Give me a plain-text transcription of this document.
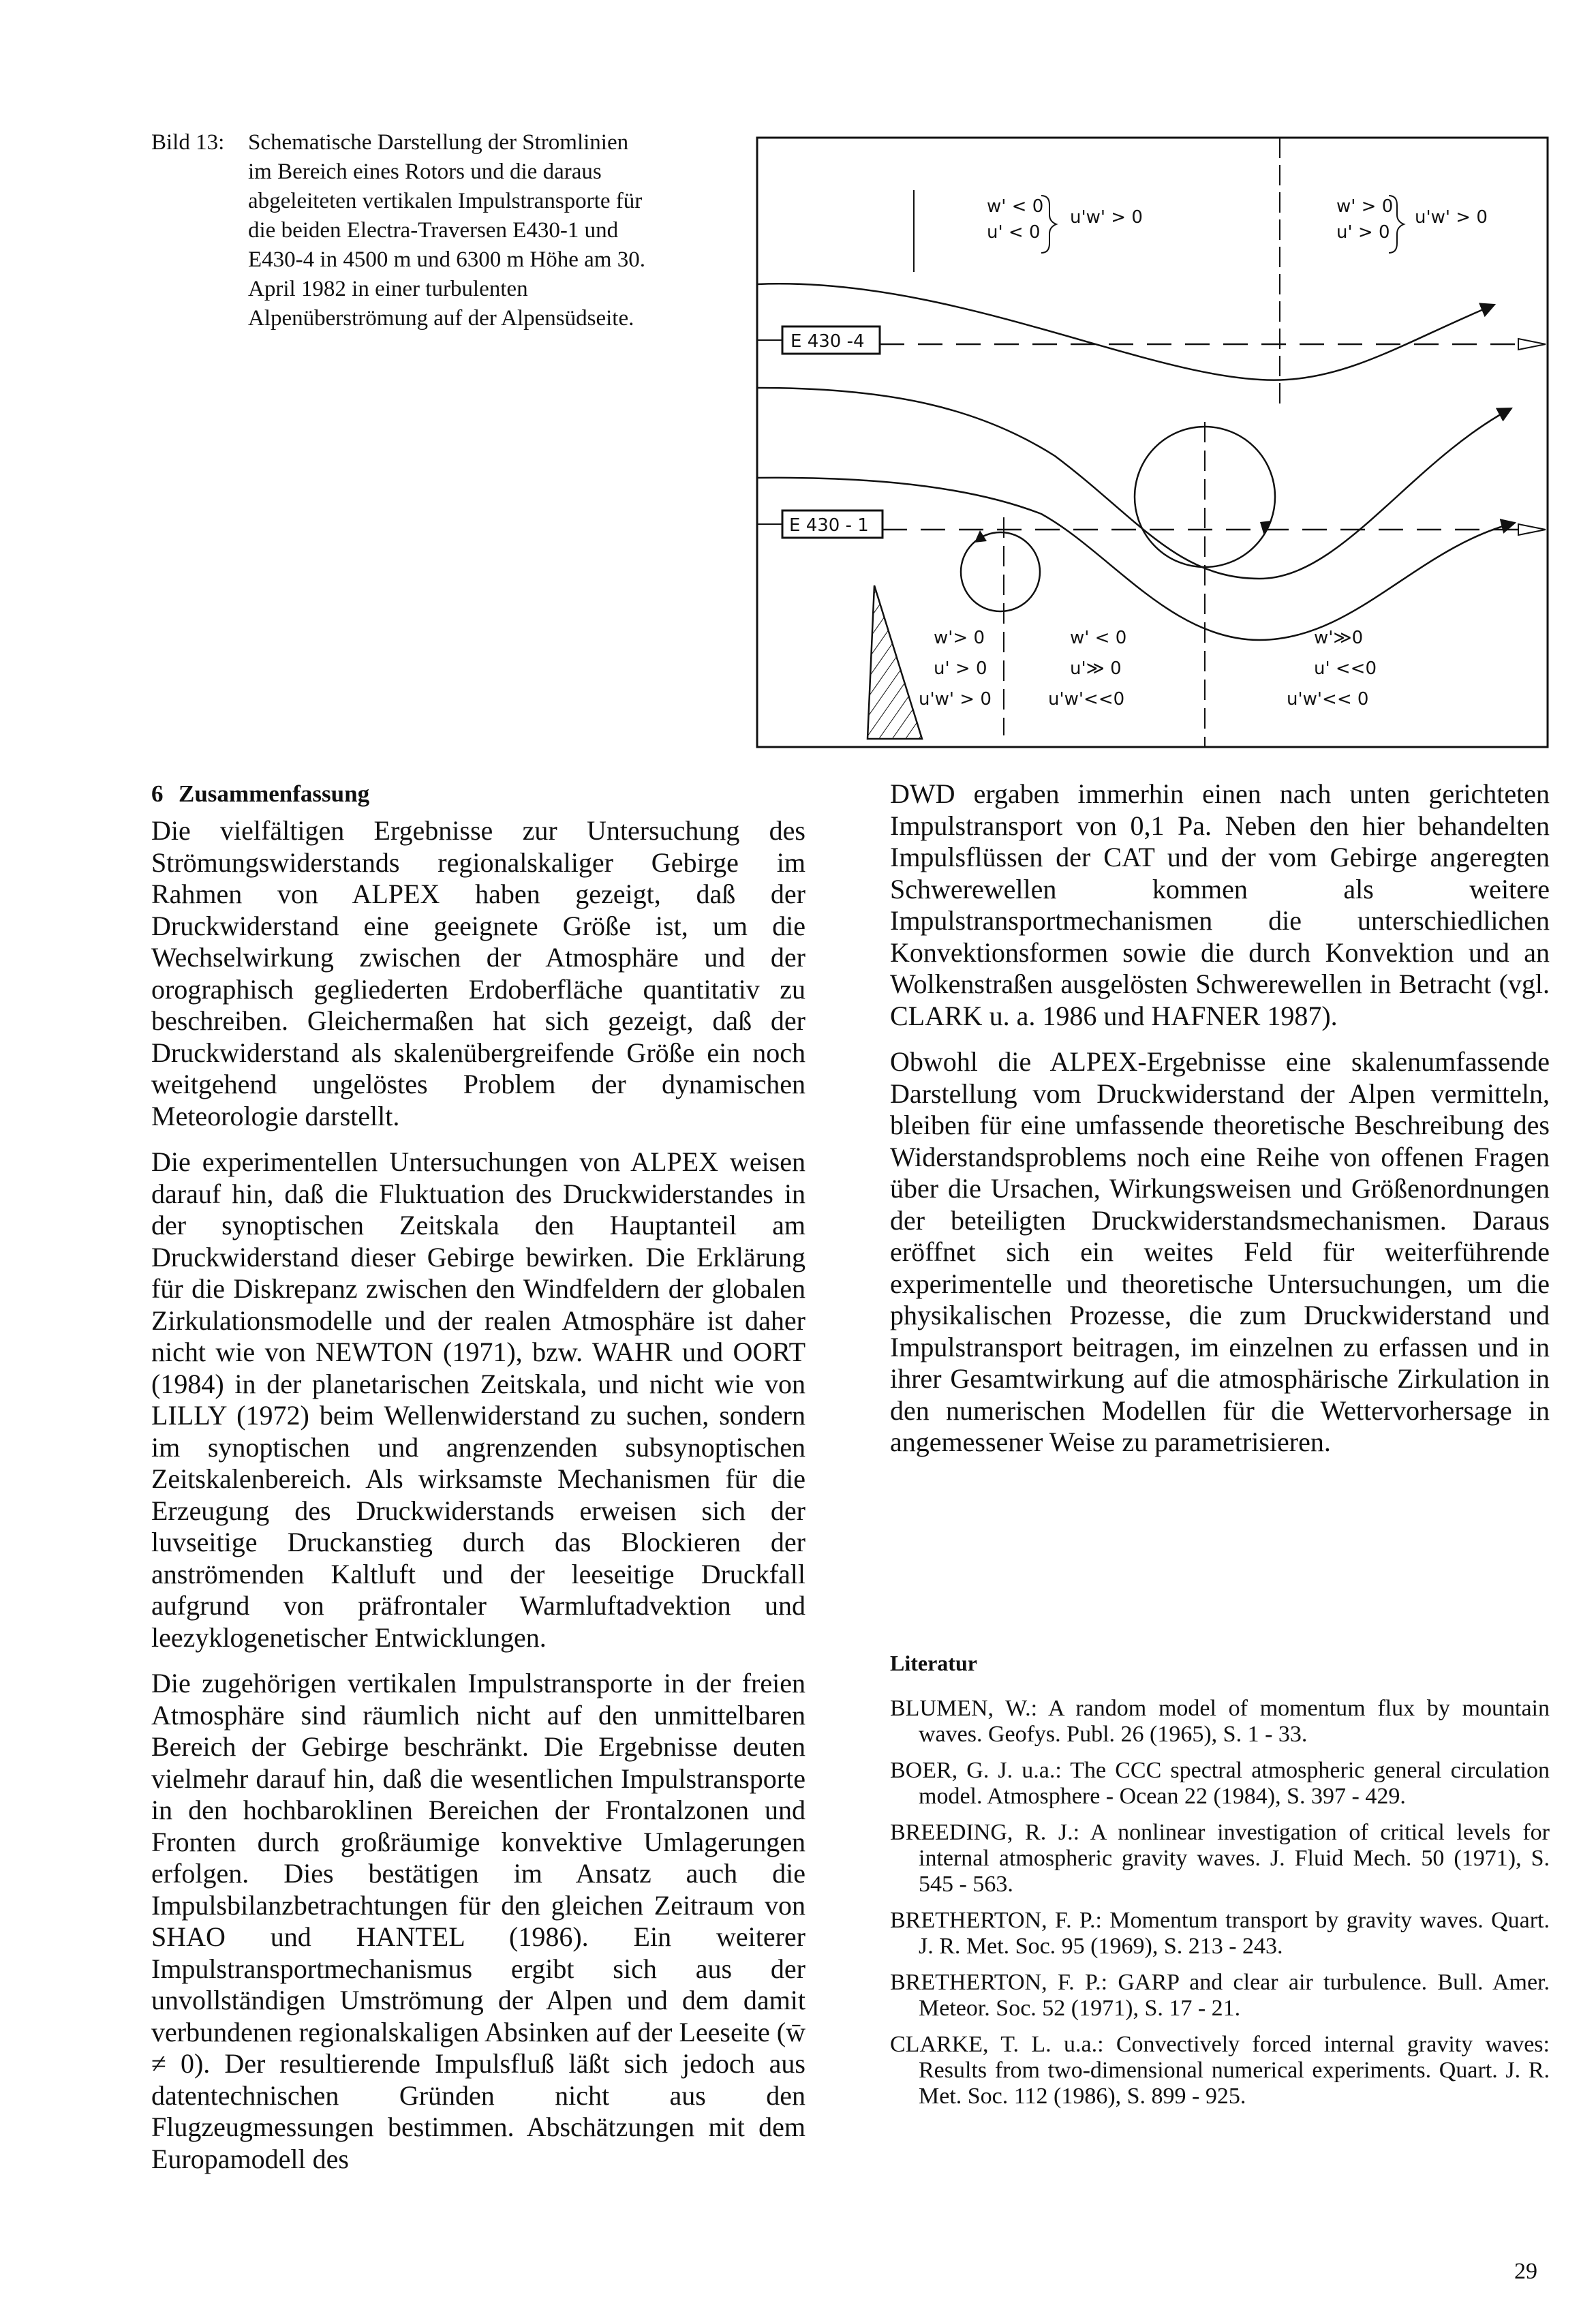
Bild 13: Schematische Darstellung der Stromlinien im Bereich eines Rotors und die daraus abgeleiteten vertikalen Impulstransporte für die beiden Electra-Traversen E430-1 und E430-4 in 4500 m und 6300 m Höhe am 30. April 1982 in einer turbulenten Alpenüberströmung auf der Alpensüdseite.
w' < 0
u' < 0
u'w' > 0
w' > 0
u' > 0
u'w' > 0
E 430 -4
E 430 - 1
w'> 0
u' > 0
u'w' > 0
w' < 0
u'≫ 0
u'w'<<0
w'≫0
u' <<0
u'w'<< 0
6 Zusammenfassung

Die vielfältigen Ergebnisse zur Untersuchung des Strömungswiderstands regionalskaliger Gebirge im Rahmen von ALPEX haben gezeigt, daß der Druckwiderstand eine geeignete Größe ist, um die Wechselwirkung zwischen der Atmosphäre und der orographisch gegliederten Erdoberfläche quantitativ zu beschreiben. Gleichermaßen hat sich gezeigt, daß der Druckwiderstand als skalenübergreifende Größe ein noch weitgehend ungelöstes Problem der dynamischen Meteorologie darstellt.

Die experimentellen Untersuchungen von ALPEX weisen darauf hin, daß die Fluktuation des Druckwiderstandes in der synoptischen Zeitskala den Hauptanteil am Druckwiderstand dieser Gebirge bewirken. Die Erklärung für die Diskrepanz zwischen den Windfeldern der globalen Zirkulationsmodelle und der realen Atmosphäre ist daher nicht wie von NEWTON (1971), bzw. WAHR und OORT (1984) in der planetarischen Zeitskala, und nicht wie von LILLY (1972) beim Wellenwiderstand zu suchen, sondern im synoptischen und angrenzenden subsynoptischen Zeitskalenbereich. Als wirksamste Mechanismen für die Erzeugung des Druckwiderstands erweisen sich der luvseitige Druckanstieg durch das Blockieren der anströmenden Kaltluft und der leeseitige Druckfall aufgrund von präfrontaler Warmluftadvektion und leezyklogenetischer Entwicklungen.

Die zugehörigen vertikalen Impulstransporte in der freien Atmosphäre sind räumlich nicht auf den unmittelbaren Bereich der Gebirge beschränkt. Die Ergebnisse deuten vielmehr darauf hin, daß die wesentlichen Impulstransporte in den hochbaroklinen Bereichen der Frontalzonen und Fronten durch großräumige konvektive Umlagerungen erfolgen. Dies bestätigen im Ansatz auch die Impulsbilanzbetrachtungen für den gleichen Zeitraum von SHAO und HANTEL (1986). Ein weiterer Impulstransportmechanismus ergibt sich aus der unvollständigen Umströmung der Alpen und dem damit verbundenen regionalskaligen Absinken auf der Leeseite (w̄ ≠ 0). Der resultierende Impulsfluß läßt sich jedoch aus datentechnischen Gründen nicht aus den Flugzeugmessungen bestimmen. Abschätzungen mit dem Europamodell des

DWD ergaben immerhin einen nach unten gerichteten Impulstransport von 0,1 Pa. Neben den hier behandelten Impulsflüssen der CAT und der vom Gebirge angeregten Schwerewellen kommen als weitere Impulstransportmechanismen die unterschiedlichen Konvektionsformen sowie die durch Konvektion und an Wolkenstraßen ausgelösten Schwerewellen in Betracht (vgl. CLARK u. a. 1986 und HAFNER 1987).

Obwohl die ALPEX-Ergebnisse eine skalenumfassende Darstellung vom Druckwiderstand der Alpen vermitteln, bleiben für eine umfassende theoretische Beschreibung des Widerstandsproblems noch eine Reihe von offenen Fragen über die Ursachen, Wirkungsweisen und Größenordnungen der beteiligten Druckwiderstandsmechanismen. Daraus eröffnet sich ein weites Feld für weiterführende experimentelle und theoretische Untersuchungen, um die physikalischen Prozesse, die zum Druckwiderstand und Impulstransport beitragen, im einzelnen zu erfassen und in ihrer Gesamtwirkung auf die atmosphärische Zirkulation in den numerischen Modellen für die Wettervorhersage in angemessener Weise zu parametrisieren.

Literatur
BLUMEN, W.: A random model of momentum flux by mountain waves. Geofys. Publ. 26 (1965), S. 1 - 33.
BOER, G. J. u.a.: The CCC spectral atmospheric general circulation model. Atmosphere - Ocean 22 (1984), S. 397 - 429.
BREEDING, R. J.: A nonlinear investigation of critical levels for internal atmospheric gravity waves. J. Fluid Mech. 50 (1971), S. 545 - 563.
BRETHERTON, F. P.: Momentum transport by gravity waves. Quart. J. R. Met. Soc. 95 (1969), S. 213 - 243.
BRETHERTON, F. P.: GARP and clear air turbulence. Bull. Amer. Meteor. Soc. 52 (1971), S. 17 - 21.
CLARKE, T. L. u.a.: Convectively forced internal gravity waves: Results from two-dimensional numerical experiments. Quart. J. R. Met. Soc. 112 (1986), S. 899 - 925.
29
